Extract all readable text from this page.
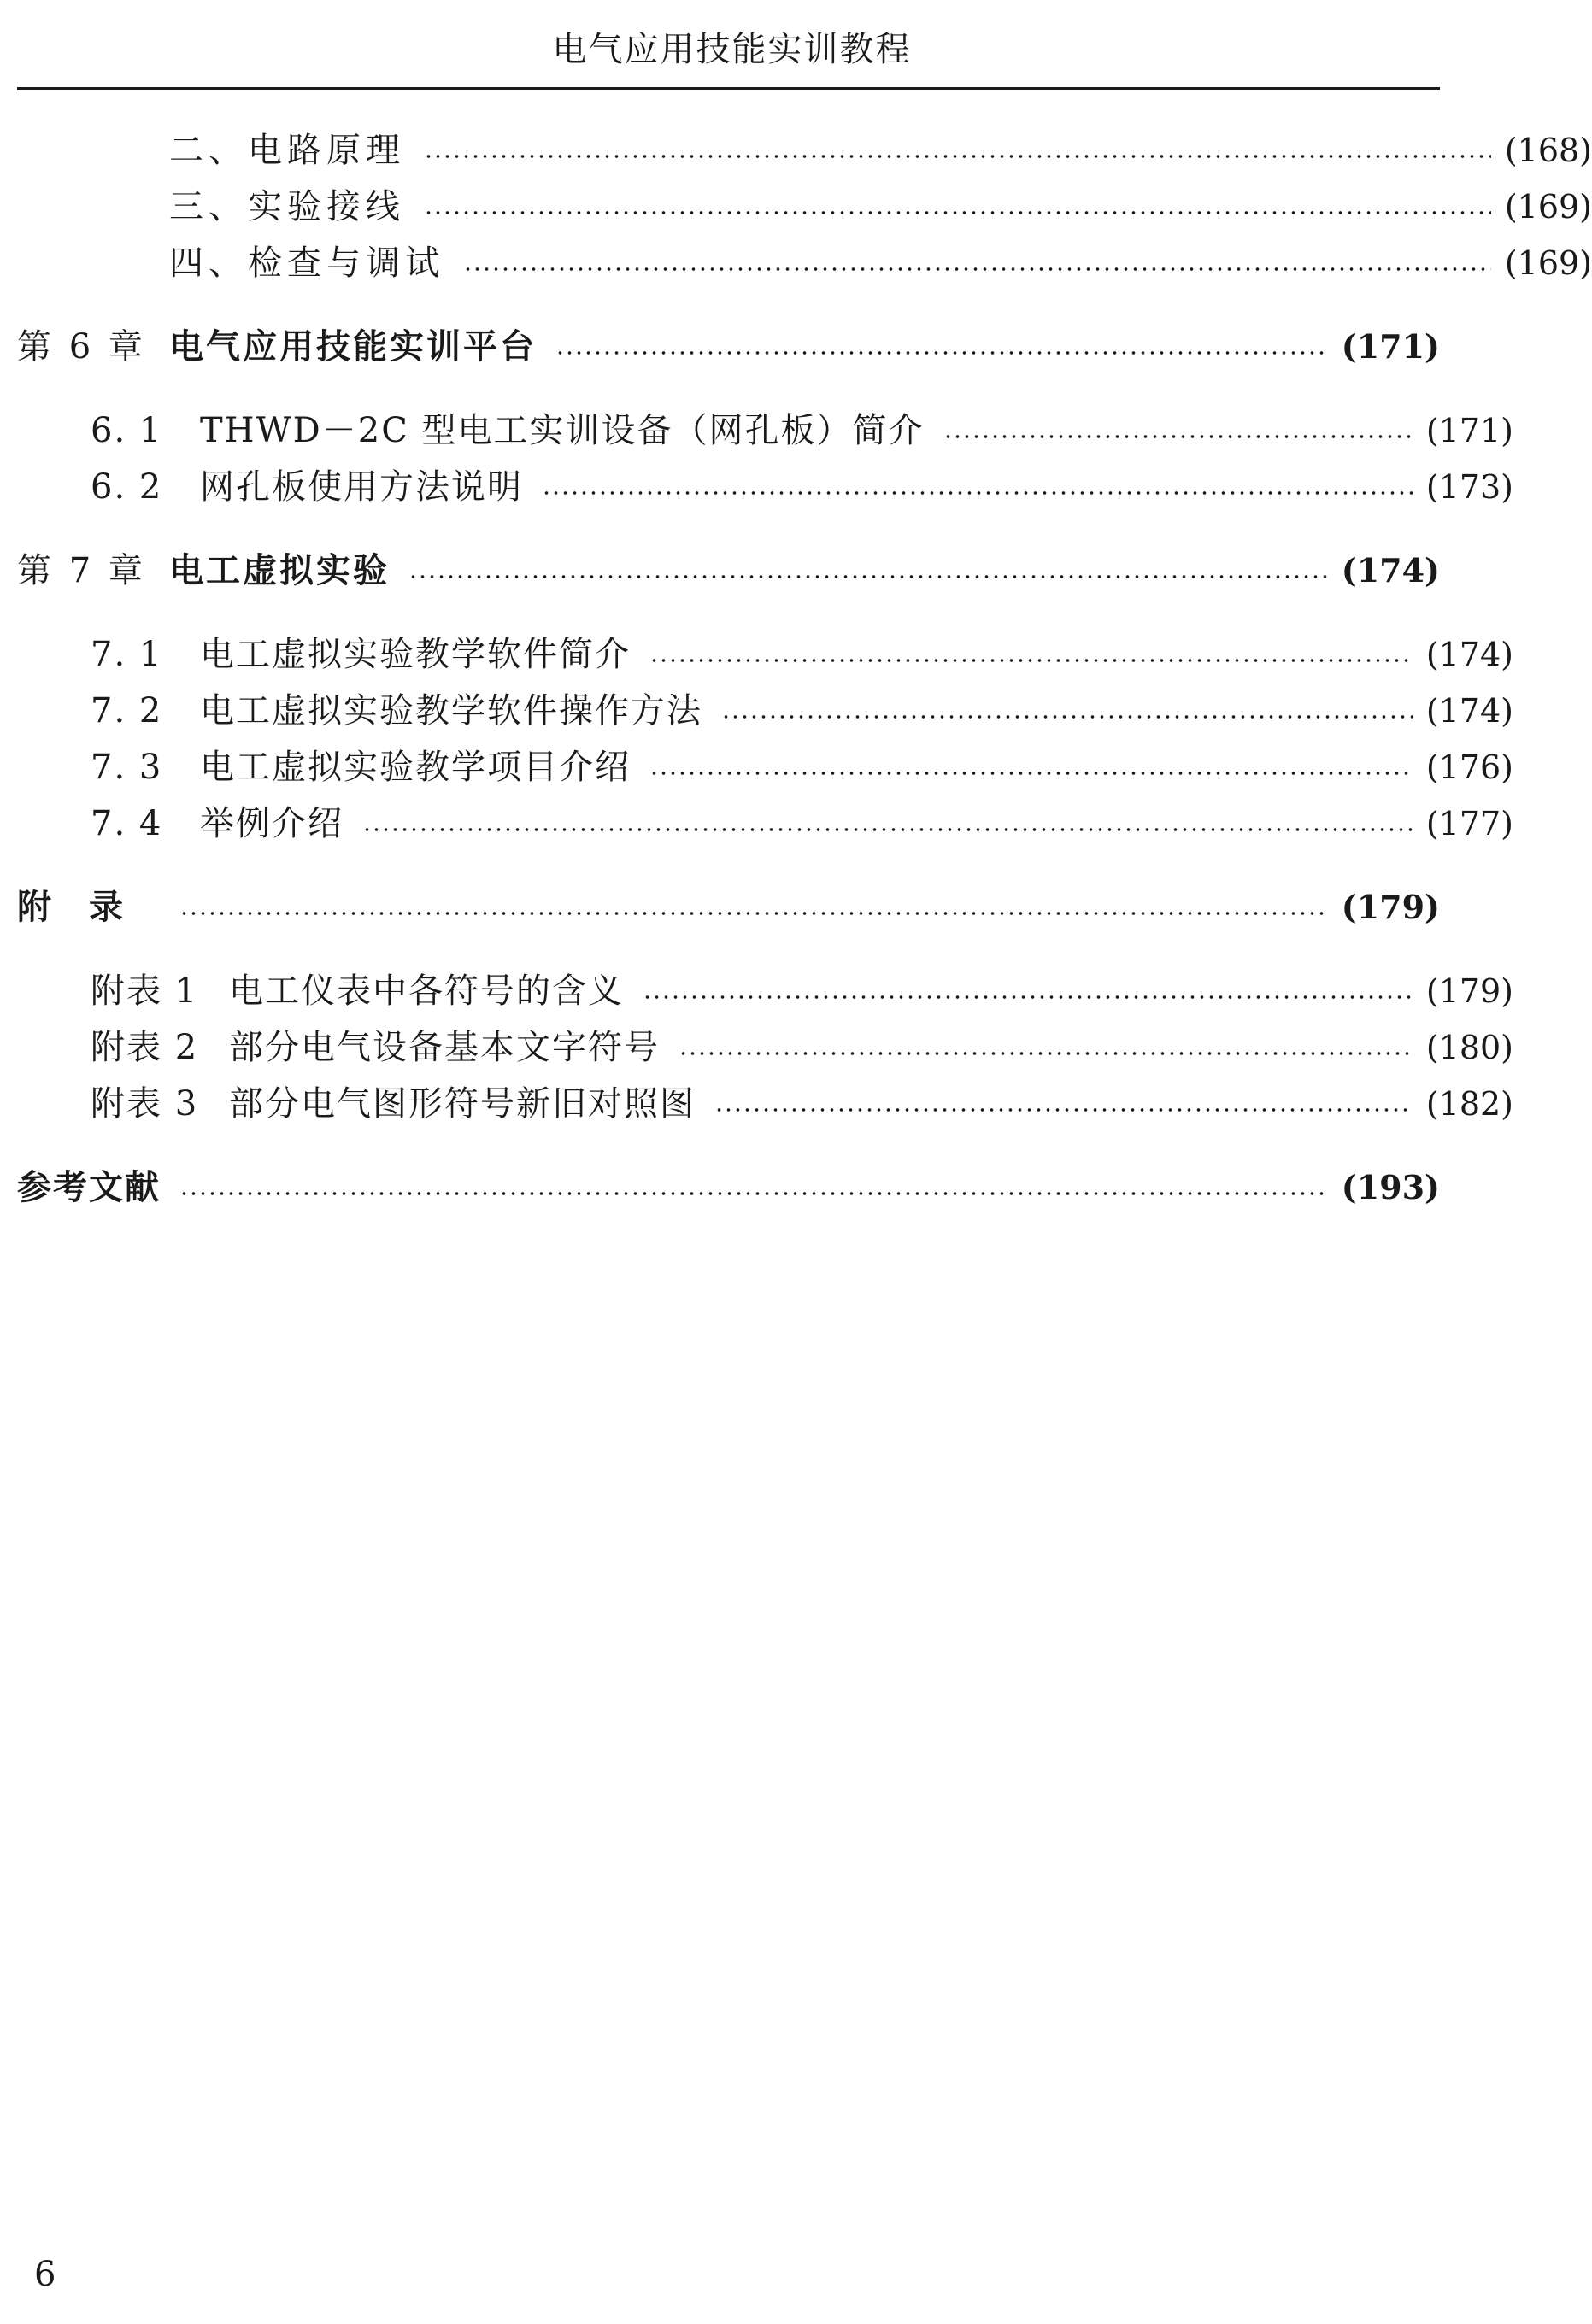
电气应用技能实训教程
二、电路原理	(168)
三、实验接线	(169)
四、检查与调试	(169)
第 6 章 电气应用技能实训平台	(171)
6. 1	THWD－2C 型电工实训设备（网孔板）简介	(171)
6. 2	网孔板使用方法说明	(173)
第 7 章 电工虚拟实验	(174)
7. 1	电工虚拟实验教学软件简介	(174)
7. 2	电工虚拟实验教学软件操作方法	(174)
7. 3	电工虚拟实验教学项目介绍	(176)
7. 4	举例介绍	(177)
附录	(179)
附表 1 电工仪表中各符号的含义	(179)
附表 2 部分电气设备基本文字符号	(180)
附表 3 部分电气图形符号新旧对照图	(182)
参考文献	(193)
6
